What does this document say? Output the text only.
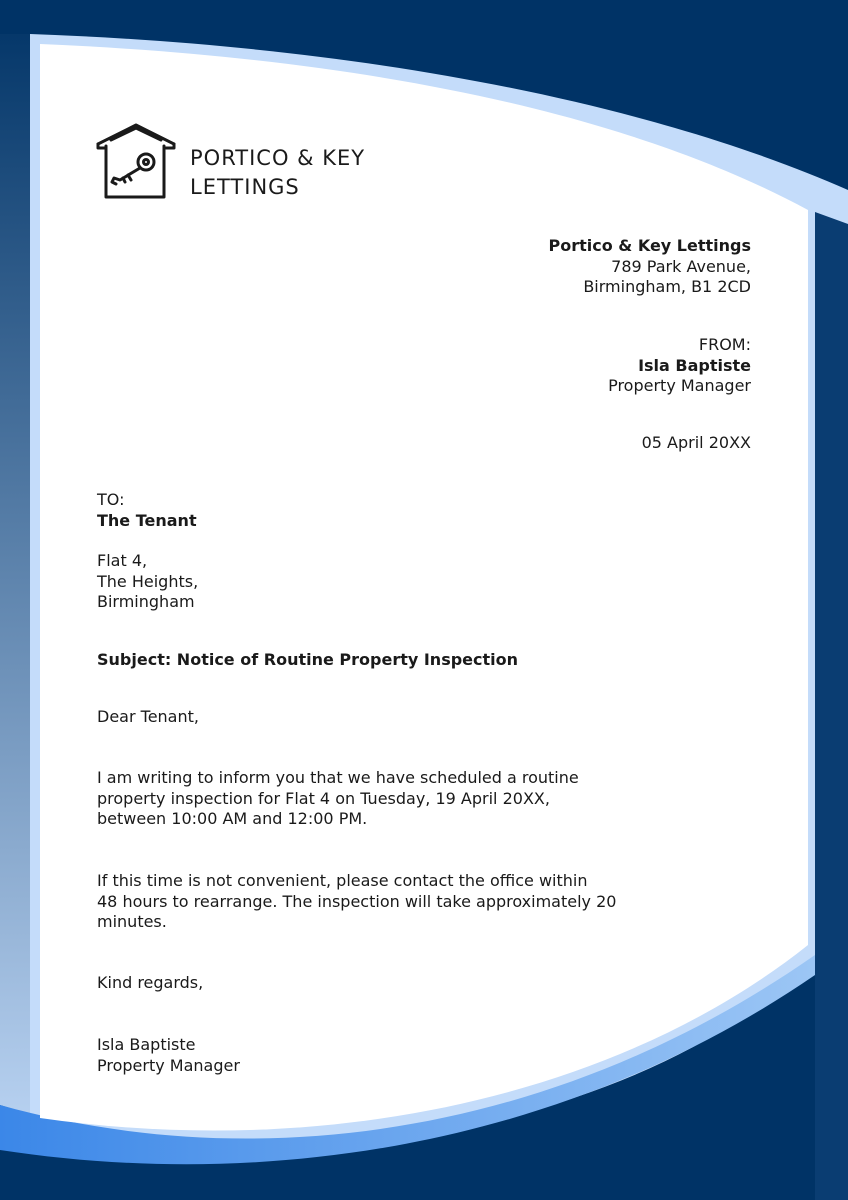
PORTICO & KEY
LETTINGS
Portico & Key Lettings
789 Park Avenue,
Birmingham, B1 2CD
FROM:
Isla Baptiste
Property Manager
05 April 20XX
TO:
The Tenant
Flat 4,
The Heights,
Birmingham
Subject: Notice of Routine Property Inspection
Dear Tenant,
I am writing to inform you that we have scheduled a routine
property inspection for Flat 4 on Tuesday, 19 April 20XX,
between 10:00 AM and 12:00 PM.
If this time is not convenient, please contact the office within
48 hours to rearrange. The inspection will take approximately 20
minutes.
Kind regards,
Isla Baptiste
Property Manager
